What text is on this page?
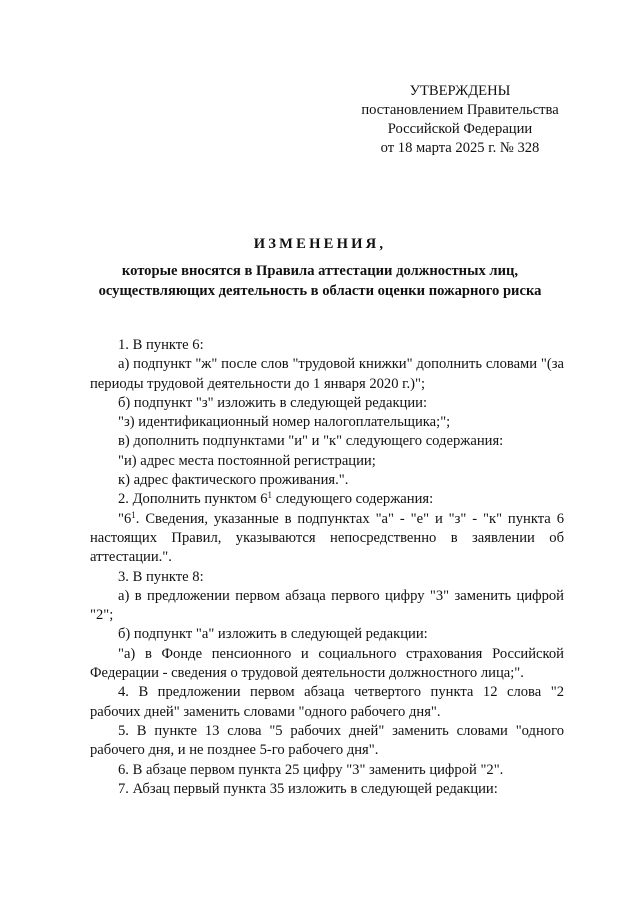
УТВЕРЖДЕНЫ
постановлением Правительства
Российской Федерации
от 18 марта 2025 г. № 328
ИЗМЕНЕНИЯ,
которые вносятся в Правила аттестации должностных лиц,
осуществляющих деятельность в области оценки пожарного риска

1. В пункте 6:

а) подпункт "ж" после слов "трудовой книжки" дополнить словами "(за периоды трудовой деятельности до 1 января 2020 г.)";

б) подпункт "з" изложить в следующей редакции:

"з) идентификационный номер налогоплательщика;";

в) дополнить подпунктами "и" и "к" следующего содержания:

"и) адрес места постоянной регистрации;

к) адрес фактического проживания.".

2. Дополнить пунктом $6^1$ следующего содержания:

"$6^1$. Сведения, указанные в подпунктах "а" - "е" и "з" - "к" пункта 6 настоящих Правил, указываются непосредственно в заявлении об аттестации.".

3. В пункте 8:

а) в предложении первом абзаца первого цифру "3" заменить цифрой "2";

б) подпункт "а" изложить в следующей редакции:

"а) в Фонде пенсионного и социального страхования Российской Федерации - сведения о трудовой деятельности должностного лица;".

4. В предложении первом абзаца четвертого пункта 12 слова "2 рабочих дней" заменить словами "одного рабочего дня".

5. В пункте 13 слова "5 рабочих дней" заменить словами "одного рабочего дня, и не позднее 5-го рабочего дня".

6. В абзаце первом пункта 25 цифру "3" заменить цифрой "2".

7. Абзац первый пункта 35 изложить в следующей редакции:
